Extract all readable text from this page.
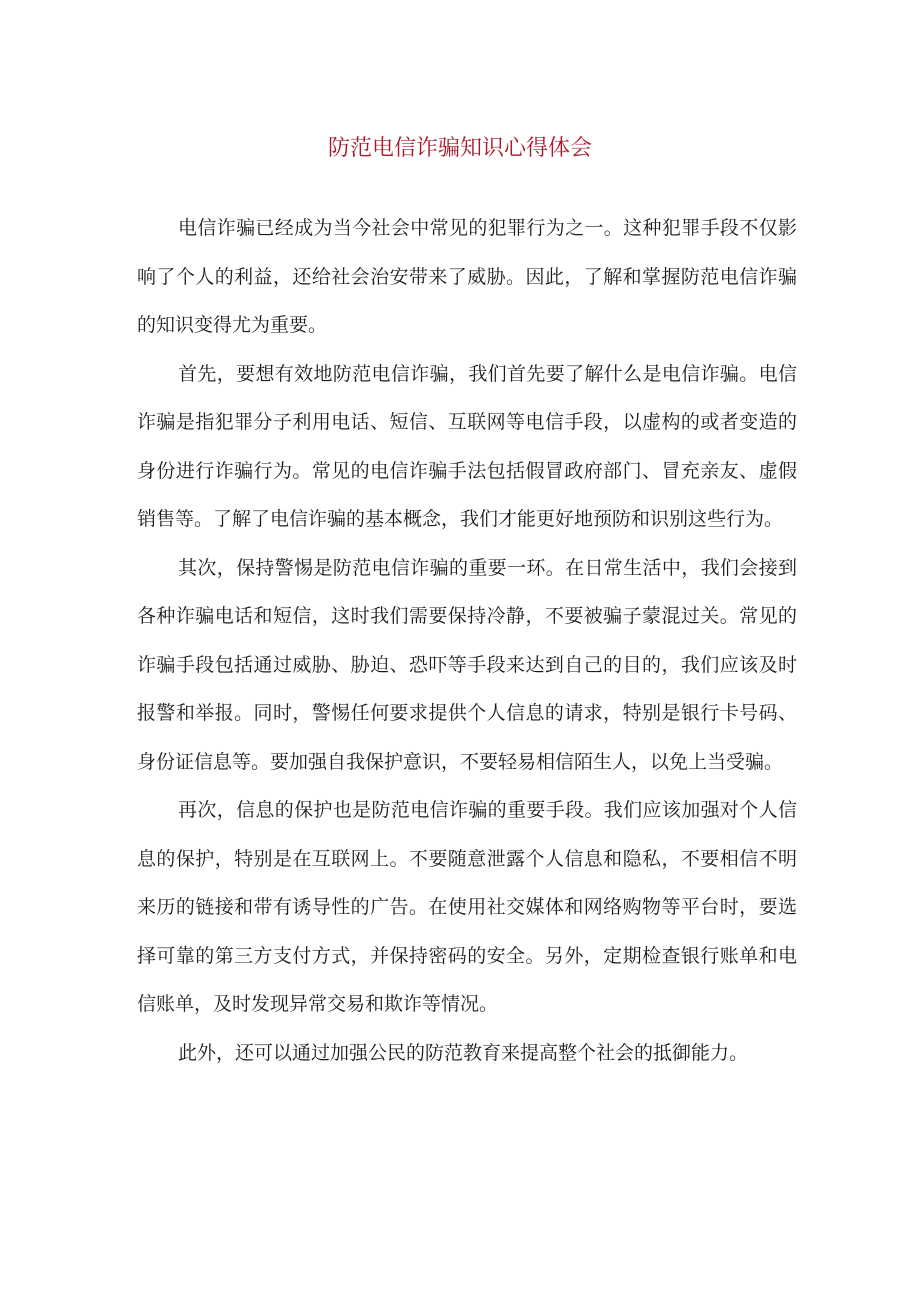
防范电信诈骗知识心得体会

电信诈骗已经成为当今社会中常见的犯罪行为之一。这种犯罪手段不仅影响了个人的利益，还给社会治安带来了威胁。因此，了解和掌握防范电信诈骗的知识变得尤为重要。

首先，要想有效地防范电信诈骗，我们首先要了解什么是电信诈骗。电信诈骗是指犯罪分子利用电话、短信、互联网等电信手段，以虚构的或者变造的身份进行诈骗行为。常见的电信诈骗手法包括假冒政府部门、冒充亲友、虚假销售等。了解了电信诈骗的基本概念，我们才能更好地预防和识别这些行为。

其次，保持警惕是防范电信诈骗的重要一环。在日常生活中，我们会接到各种诈骗电话和短信，这时我们需要保持冷静，不要被骗子蒙混过关。常见的诈骗手段包括通过威胁、胁迫、恐吓等手段来达到自己的目的，我们应该及时报警和举报。同时，警惕任何要求提供个人信息的请求，特别是银行卡号码、身份证信息等。要加强自我保护意识，不要轻易相信陌生人，以免上当受骗。

再次，信息的保护也是防范电信诈骗的重要手段。我们应该加强对个人信息的保护，特别是在互联网上。不要随意泄露个人信息和隐私，不要相信不明来历的链接和带有诱导性的广告。在使用社交媒体和网络购物等平台时，要选择可靠的第三方支付方式，并保持密码的安全。另外，定期检查银行账单和电信账单，及时发现异常交易和欺诈等情况。

此外，还可以通过加强公民的防范教育来提高整个社会的抵御能力。
